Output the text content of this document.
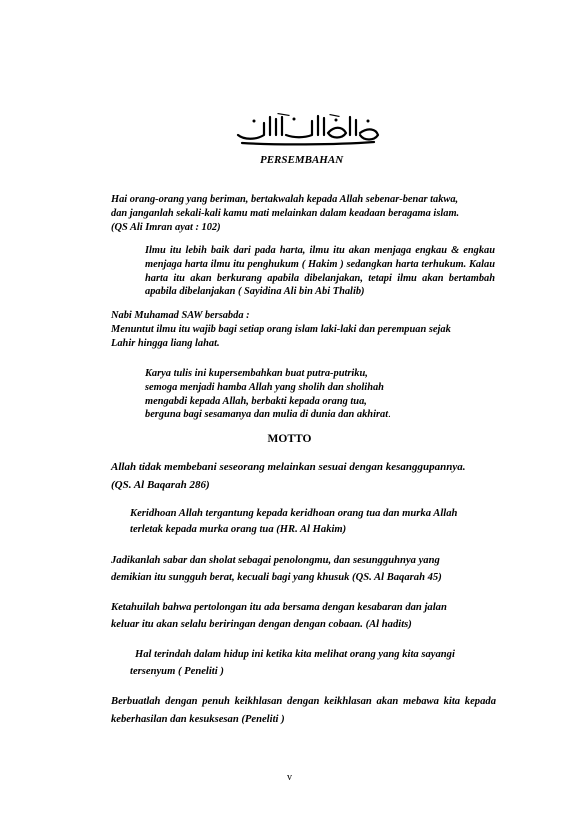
بِسْمِ اللَّهِ الرَّحْمَنِ الرَّحِيمِ
PERSEMBAHAN
Hai orang-orang yang beriman, bertakwalah kepada Allah sebenar-benar takwa,
dan janganlah sekali-kali kamu mati melainkan dalam keadaan beragama islam.
(QS Ali Imran ayat : 102)
Ilmu itu lebih baik dari pada harta, ilmu itu akan menjaga engkau & engkau menjaga harta ilmu itu penghukum ( Hakim ) sedangkan harta terhukum. Kalau harta itu akan berkurang apabila dibelanjakan, tetapi ilmu akan bertambah apabila dibelanjakan ( Sayidina Ali bin Abi Thalib)
Nabi Muhamad SAW bersabda :
Menuntut ilmu itu wajib bagi setiap orang islam laki-laki dan perempuan sejak
Lahir hingga liang lahat.
Karya tulis ini kupersembahkan buat putra-putriku,
semoga menjadi hamba Allah yang sholih dan sholihah
mengabdi kepada Allah, berbakti kepada orang tua,
berguna bagi sesamanya dan mulia di dunia dan akhirat.
MOTTO
Allah tidak membebani seseorang melainkan sesuai dengan kesanggupannya.
(QS. Al Baqarah 286)
Keridhoan Allah tergantung kepada keridhoan orang tua dan murka Allah
terletak kepada murka orang tua (HR. Al Hakim)
Jadikanlah sabar dan sholat sebagai penolongmu, dan sesungguhnya yang
demikian itu sungguh berat, kecuali bagi yang khusuk (QS. Al Baqarah 45)
Ketahuilah bahwa pertolongan itu ada bersama dengan kesabaran dan jalan
keluar itu akan selalu beriringan dengan dengan cobaan. (Al hadits)
Hal terindah dalam hidup ini ketika kita melihat orang yang kita sayangi
tersenyum ( Peneliti )
Berbuatlah dengan penuh keikhlasan dengan keikhlasan akan mebawa kita kepada keberhasilan dan kesuksesan (Peneliti )
v
